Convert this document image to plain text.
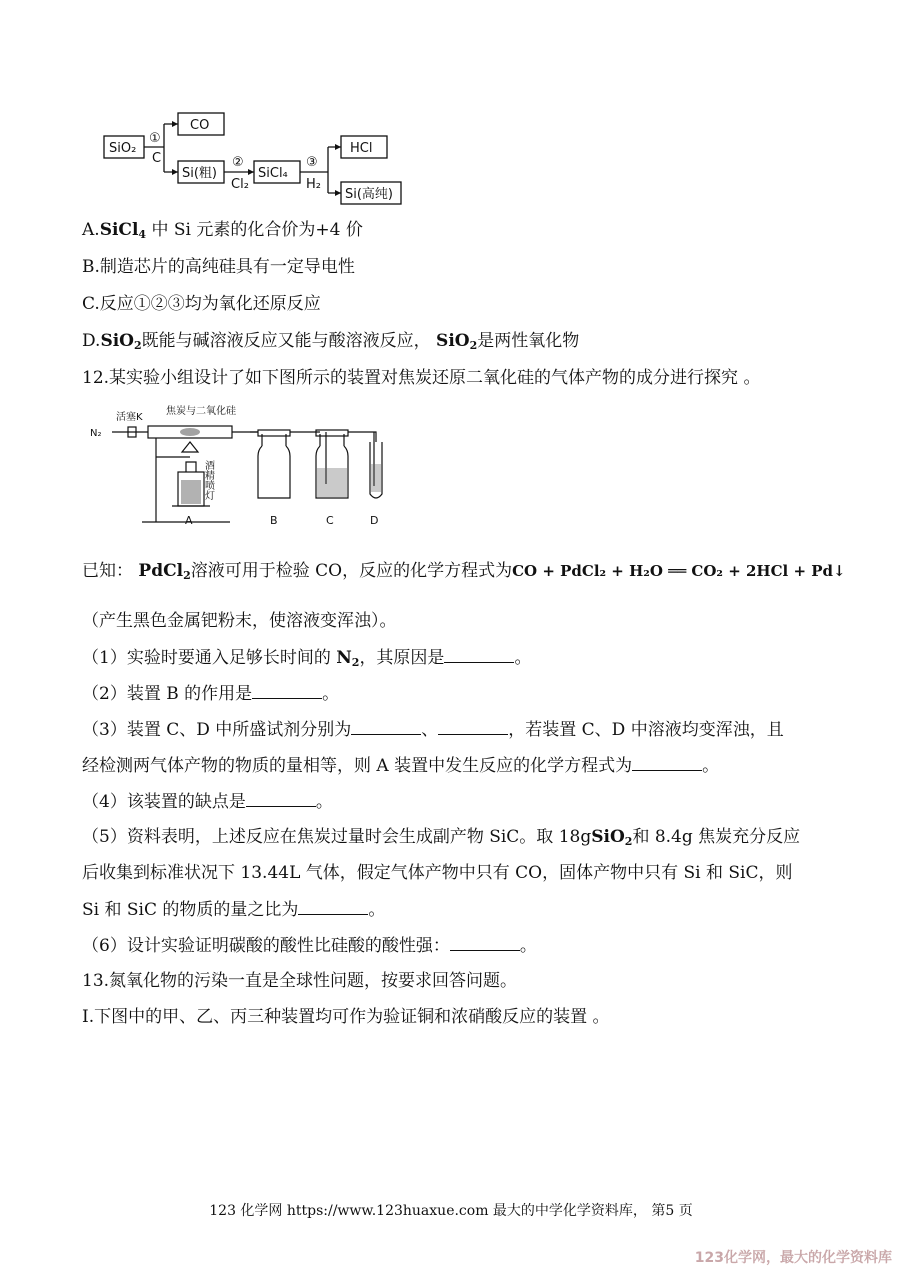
SiO₂
CO
Si(粗)	SiCl₄
HCl
Si(高纯)
①
C	②
Cl₂
③
H₂
A.SiCl$_4$ 中 Si 元素的化合价为+4 价
B.制造芯片的高纯硅具有一定导电性
C.反应①②③均为氧化还原反应
D.SiO$_2$既能与碱溶液反应又能与酸溶液反应， SiO$_2$是两性氧化物
12.某实验小组设计了如下图所示的装置对焦炭还原二氧化硅的气体产物的成分进行探究 。
N₂
活塞K
焦炭与二氧化硅
酒精喷灯
A	B	C	D
已知： PdCl$_2$溶液可用于检验 CO，反应的化学方程式为CO + PdCl₂ + H₂O ══ CO₂ + 2HCl + Pd↓
（产生黑色金属钯粉末，使溶液变浑浊）。
（1）实验时要通入足够长时间的 $N_2$，其原因是	。
（2）装置 B 的作用是	。
（3）装置 C、D 中所盛试剂分别为	、	，若装置 C、D 中溶液均变浑浊，且
经检测两气体产物的物质的量相等，则 A 装置中发生反应的化学方程式为	。
（4）该装置的缺点是	。
（5）资料表明，上述反应在焦炭过量时会生成副产物 SiC。取 18gSiO$_2$和 8.4g 焦炭充分反应
后收集到标准状况下 13.44L 气体，假定气体产物中只有 CO，固体产物中只有 Si 和 SiC，则
Si 和 SiC 的物质的量之比为	。
（6）设计实验证明碳酸的酸性比硅酸的酸性强：	。
13.氮氧化物的污染一直是全球性问题，按要求回答问题。
I.下图中的甲、乙、丙三种装置均可作为验证铜和浓硝酸反应的装置 。
123 化学网 https://www.123huaxue.com 最大的中学化学资料库， 第5 页
123化学网，最大的化学资料库
